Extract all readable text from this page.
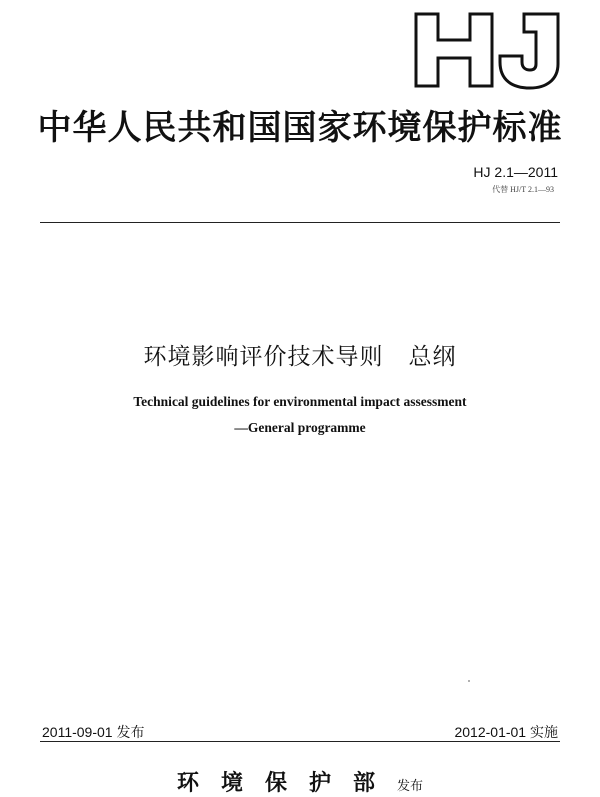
中华人民共和国国家环境保护标准
HJ 2.1—2011
代替 HJ/T 2.1—93
环境影响评价技术导则   总纲
Technical guidelines for environmental impact assessment
—General programme
2011-09-01 发布	2012-01-01 实施
环境保护部发布
